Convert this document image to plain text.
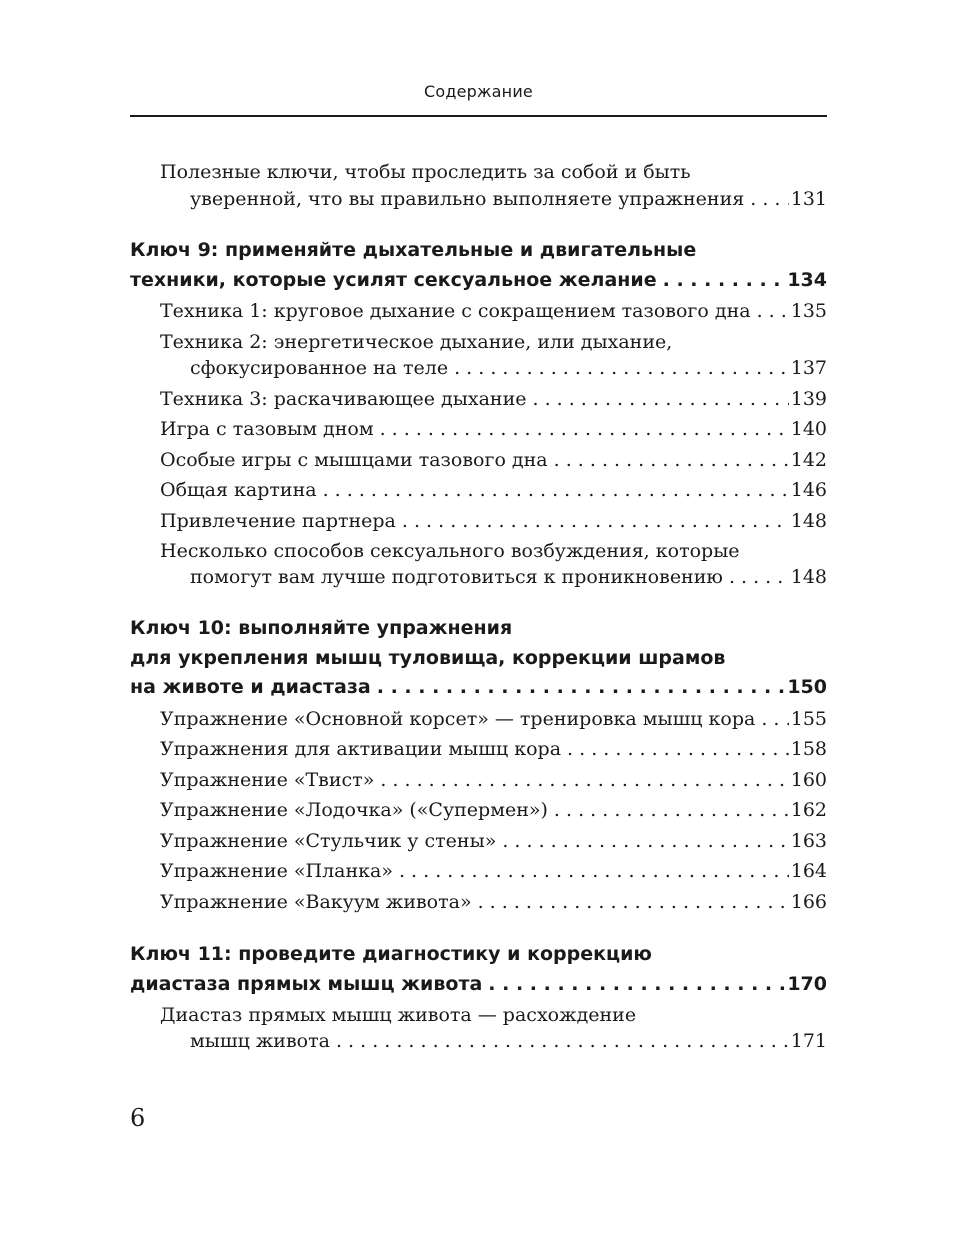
Содержание
Полезные ключи, чтобы проследить за собой и быть
уверенной, что вы правильно выполняете упражнения . . . 131
Ключ 9: применяйте дыхательные и двигательные
техники, которые усилят сексуальное желание . . .	134
Техника 1: круговое дыхание с сокращением тазового дна . . . 135
Техника 2: энергетическое дыхание, или дыхание,
сфокусированное на теле . . .	137
Техника 3: раскачивающее дыхание . . .	139
Игра с тазовым дном . . .	140
Особые игры с мышцами тазового дна . . .	142
Общая картина . . .	146
Привлечение партнера . . .	148
Несколько способов сексуального возбуждения, которые
помогут вам лучше подготовиться к проникновению . . .	148
Ключ 10: выполняйте упражнения
для укрепления мышц туловища, коррекции шрамов
на животе и диастаза . . .	150
Упражнение «Основной корсет» — тренировка мышц кора . . . 155
Упражнения для активации мышц кора . . .	158
Упражнение «Твист» . . .	160
Упражнение «Лодочка» («Супермен») . . .	162
Упражнение «Стульчик у стены» . . .	163
Упражнение «Планка» . . .	164
Упражнение «Вакуум живота» . . .	166
Ключ 11: проведите диагностику и коррекцию
диастаза прямых мышц живота . . .	170
Диастаз прямых мышц живота — расхождение
мышц живота . . .	171
6
